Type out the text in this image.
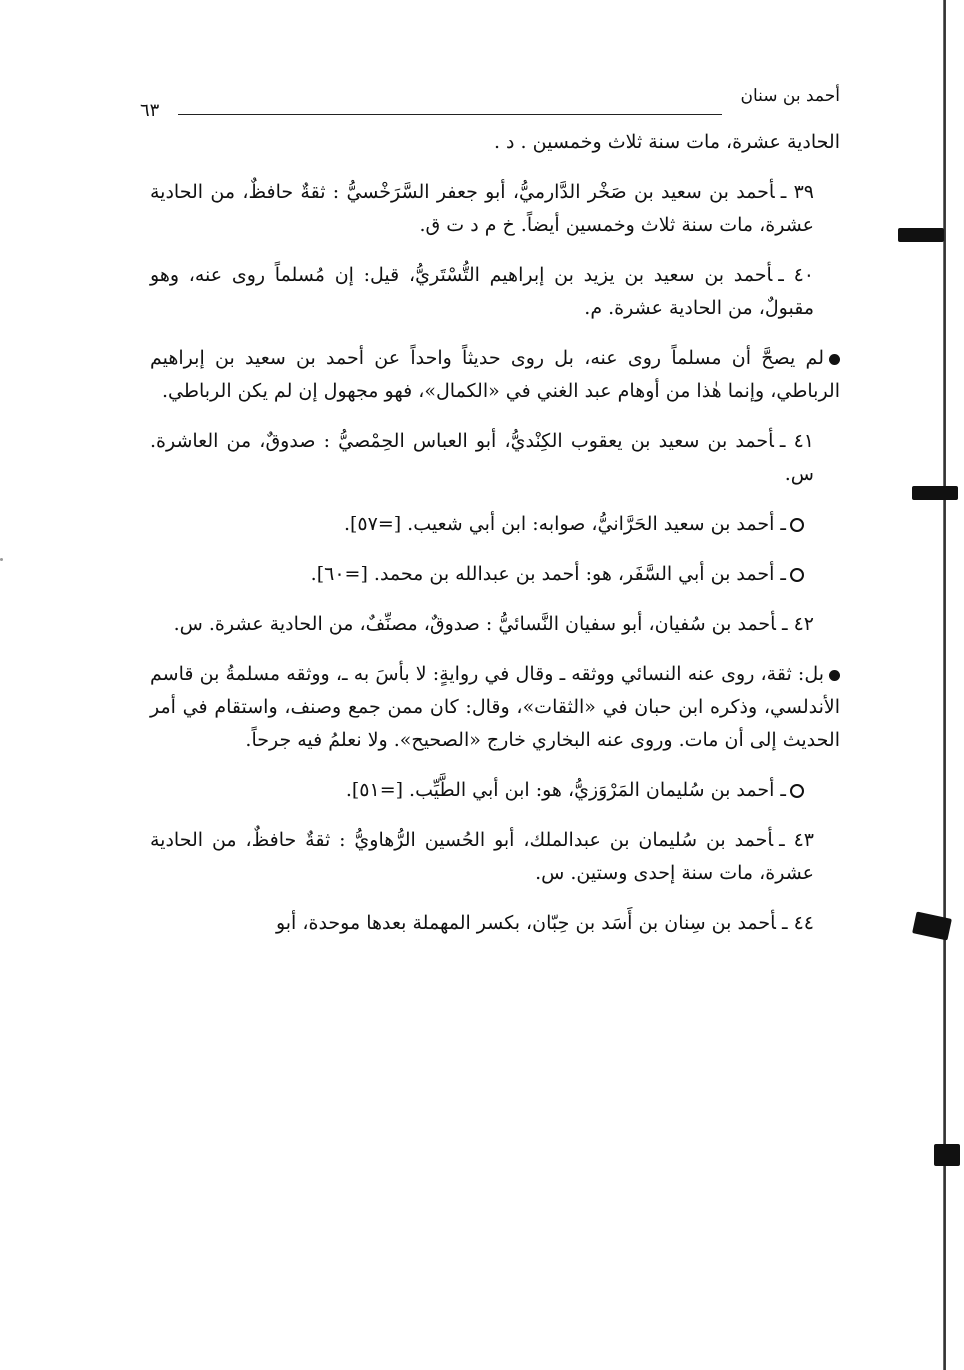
أحمد بن سنان
٦٣

الحادية عشرة، مات سنة ثلاث وخمسين . د .

٣٩ ـأحمد بن سعيد بن صَخْر الدَّارميُّ، أبو جعفر السَّرَخْسيُّ : ثقةٌ حافظٌ، من الحادية عشرة، مات سنة ثلاث وخمسين أيضاً. خ م د ت ق.

٤٠ ـأحمد بن سعيد بن يزيد بن إبراهيم التُّسْتَريُّ، قيل: إن مُسلماً روى عنه، وهو مقبولٌ، من الحادية عشرة. م.

لم يصحَّ أن مسلماً روى عنه، بل روى حديثاً واحداً عن أحمد بن سعيد بن إبراهيم الرباطي، وإنما هٰذا من أوهام عبد الغني في «الكمال»، فهو مجهول إن لم يكن الرباطي.

٤١ ـأحمد بن سعيد بن يعقوب الكِنْديُّ، أبو العباس الحِمْصيُّ : صدوقٌ، من العاشرة. س.

ـ أحمد بن سعيد الحَرَّانيُّ، صوابه: ابن أبي شعيب. [=٥٧].

ـ أحمد بن أبي السَّفَر، هو: أحمد بن عبدالله بن محمد. [=٦٠].

٤٢ ـأحمد بن سُفيان، أبو سفيان النَّسائيُّ : صدوقٌ، مصنِّفٌ، من الحادية عشرة. س.

بل: ثقة، روى عنه النسائي ووثقه ـ وقال في روايةٍ: لا بأسَ به ـ، ووثقه مسلمةُ بن قاسم الأندلسي، وذكره ابن حبان في «الثقات»، وقال: كان ممن جمع وصنف، واستقام في أمر الحديث إلى أن مات. وروى عنه البخاري خارج «الصحيح». ولا نعلمُ فيه جرحاً.

ـ أحمد بن سُليمان المَرْوَزيُّ، هو: ابن أبي الطَّيِّب. [=٥١].

٤٣ ـأحمد بن سُليمان بن عبدالملك، أبو الحُسين الرُّهاويُّ : ثقةٌ حافظٌ، من الحادية عشرة، مات سنة إحدى وستين. س.

٤٤ ـأحمد بن سِنان بن أَسَد بن حِبّان، بكسر المهملة بعدها موحدة، أبو
